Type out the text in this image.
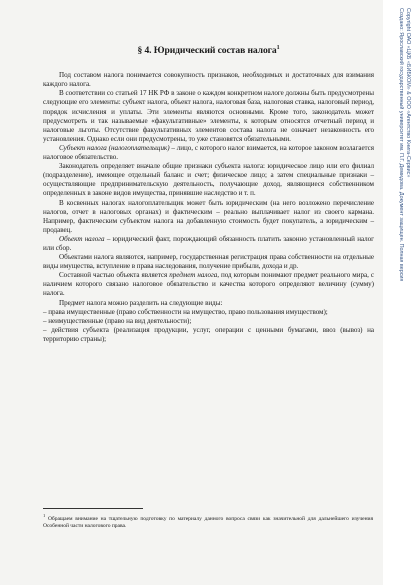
§ 4. Юридический состав налога$^1$

Под составом налога понимается совокупность признаков, необходимых и достаточных для взимания каждого налога.

В соответствии со статьей 17 НК РФ в законе о каждом конкретном налоге должны быть предусмотрены следующие его элементы: субъект налога, объект налога, налоговая база, налоговая ставка, налоговый период, порядок исчисления и уплаты. Эти элементы являются основными. Кроме того, законодатель может предусмотреть и так называемые «факультативные» элементы, к которым относятся отчетный период и налоговые льготы. Отсутствие факультативных элементов состава налога не означает незаконность его установления. Однако если они предусмотрены, то уже становятся обязательными.

Субъект налога (налогоплательщик) – лицо, с которого налог взимается, на которое законом возлагается налоговое обязательство.

Законодатель определяет вначале общие признаки субъекта налога: юридическое лицо или его филиал (подразделение), имеющее отдельный баланс и счет; физическое лицо; а затем специальные признаки – осуществляющие предпринимательскую деятельность, получающие доход, являющиеся собственником определенных в законе видов имущества, принявшие наследство и т. п.

В косвенных налогах налогоплательщик может быть юридическим (на него возложено перечисление налогов, отчет в налоговых органах) и фактическим – реально выплачивает налог из своего кармана. Например, фактическим субъектом налога на добавленную стоимость будет покупатель, а юридическим – продавец.

Объект налога – юридический факт, порождающий обязанность платить законно установленный налог или сбор.

Объектами налога являются, например, государственная регистрация права собственности на отдельные виды имущества, вступление в права наследования, получение прибыли, дохода и др.

Составной частью объекта является предмет налога, под которым понимают предмет реального мира, с наличием которого связано налоговое обязательство и качества которого определяют величину (сумму) налога.

Предмет налога можно разделить на следующие виды:

– права имущественные (право собственности на имущество, право пользования имуществом);

– неимущественные (право на вид деятельности);

– действия субъекта (реализация продукции, услуг, операции с ценными бумагами, ввоз (вывоз) на территорию страны);

$^1$ Обращаем внимание на тщательную подготовку по материалу данного вопроса связи как значительной для дальнейшего изучения Особенной части налогового права.
Copyright ОАО «ЦКБ «БИБКОМ» & ООО «Aгентство Kнига-Cервис»
Создано: Ярославский государственный университет им. П.Г. Демидова. Документ защищен. Полная версия
